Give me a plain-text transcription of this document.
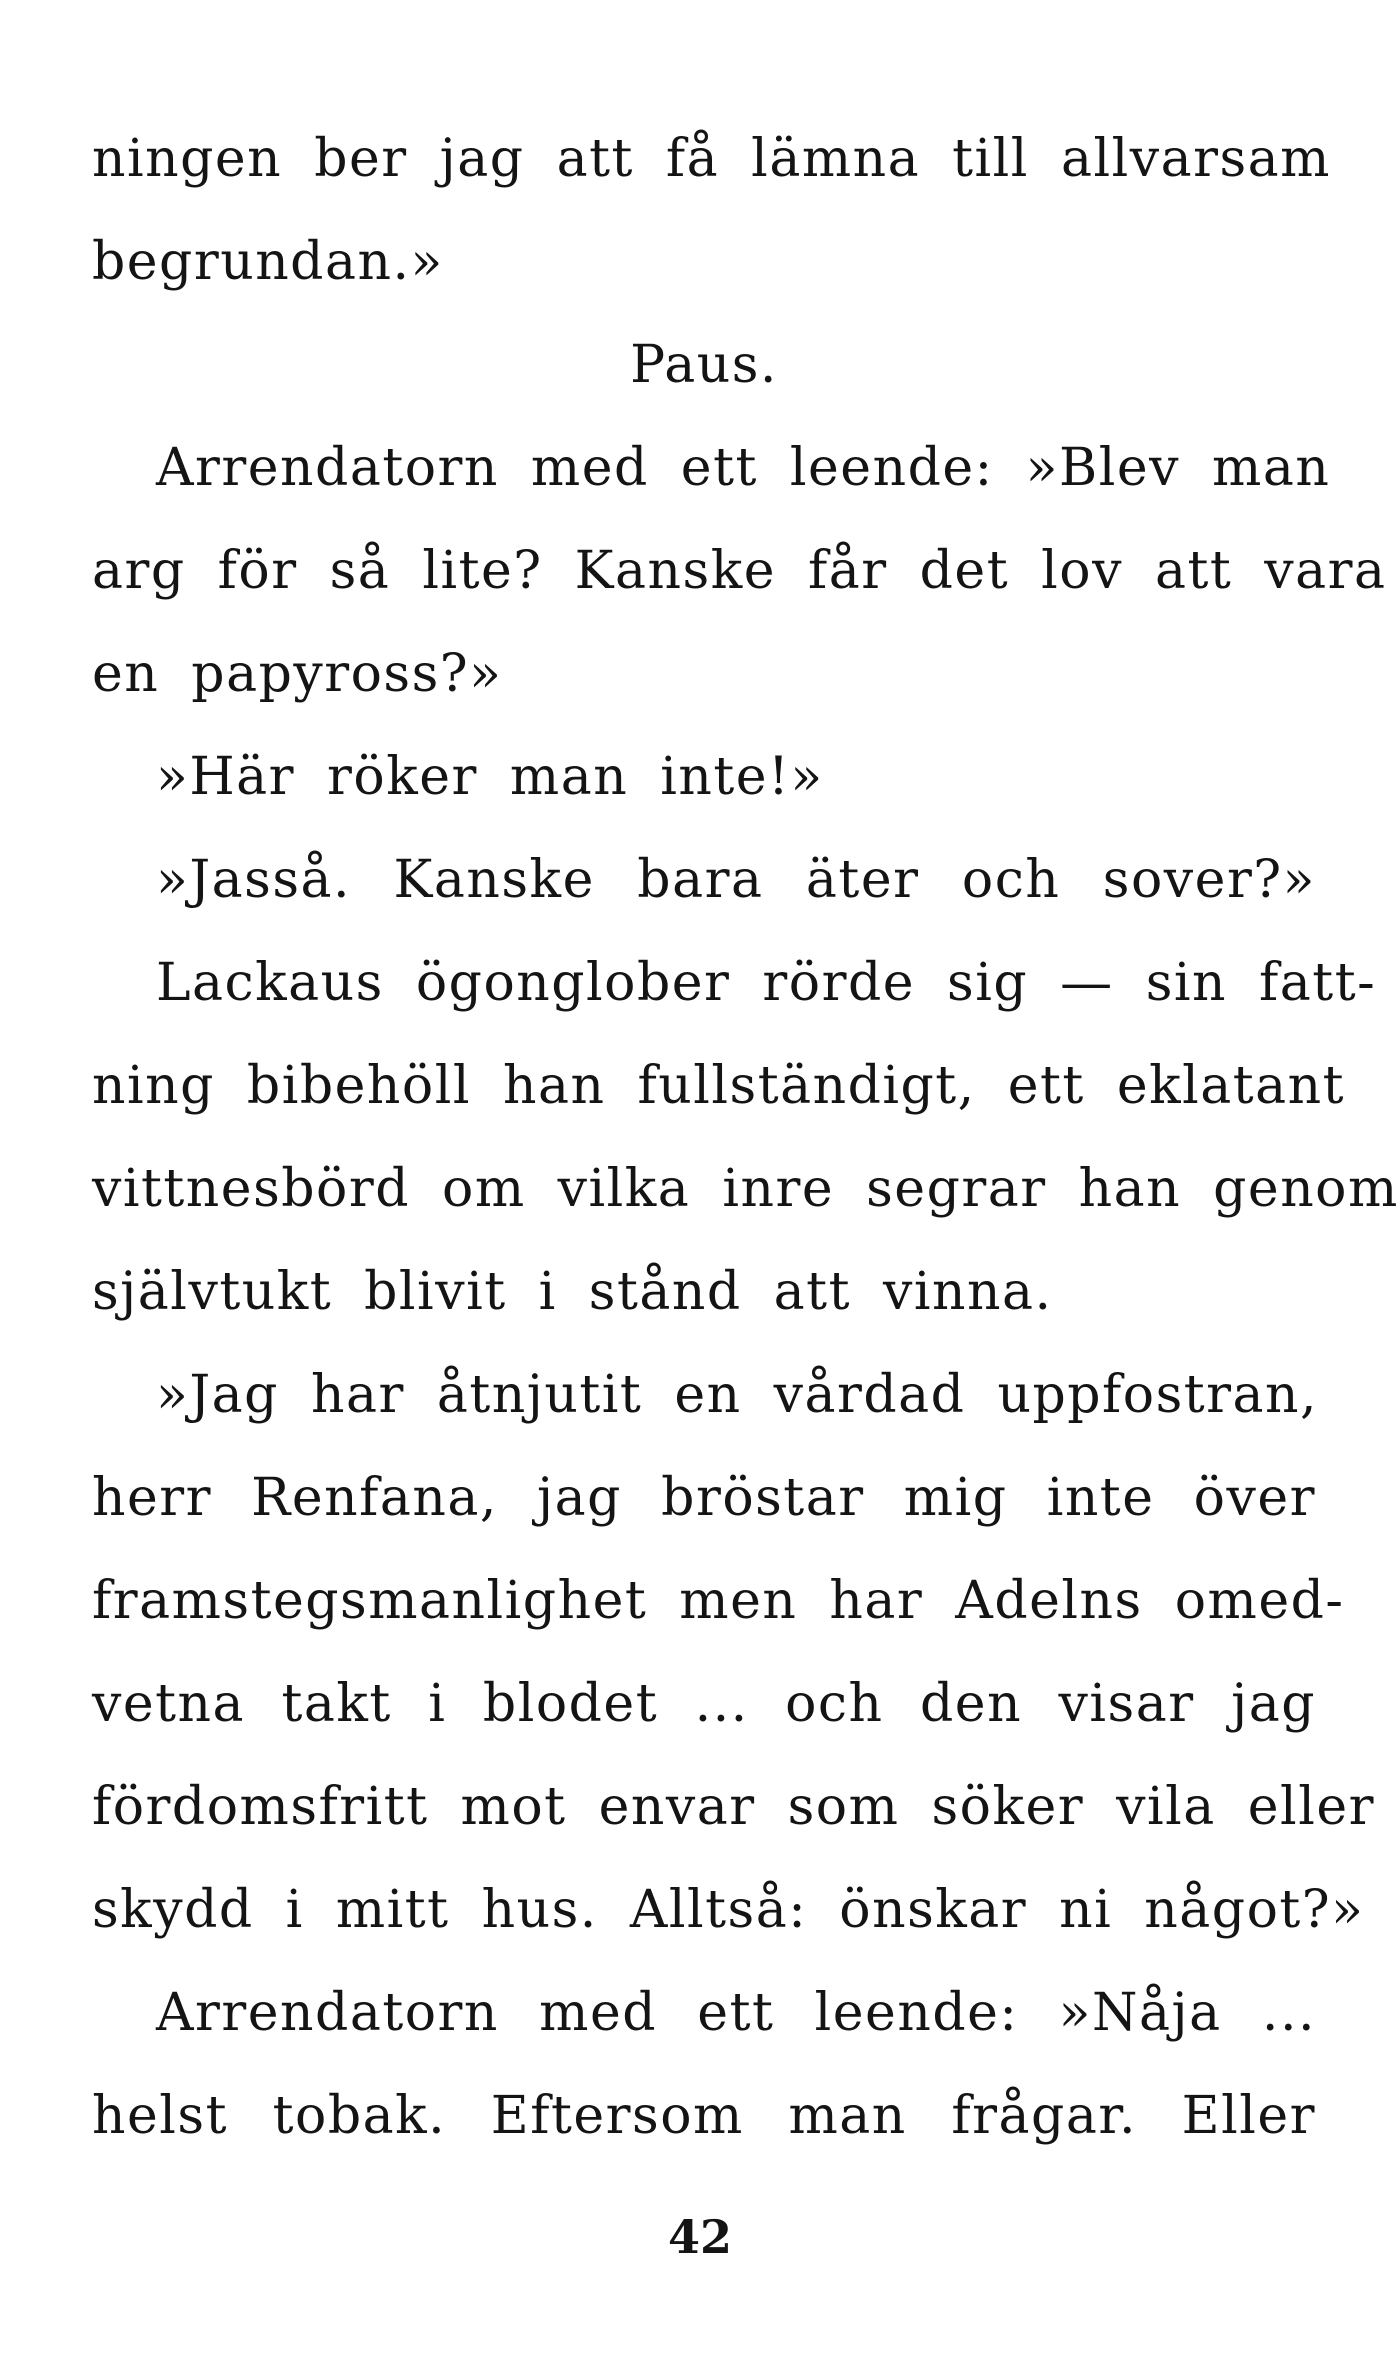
ningen ber jag att få lämna till allvarsam
begrundan.»
Paus.
Arrendatorn med ett leende: »Blev man
arg för så lite? Kanske får det lov att vara
en papyross?»
»Här röker man inte!»
»Jasså. Kanske bara äter och sover?»
Lackaus ögonglober rörde sig — sin fatt-
ning bibehöll han fullständigt, ett eklatant
vittnesbörd om vilka inre segrar han genom
självtukt blivit i stånd att vinna.
»Jag har åtnjutit en vårdad uppfostran,
herr Renfana, jag bröstar mig inte över
framstegsmanlighet men har Adelns omed-
vetna takt i blodet ... och den visar jag
fördomsfritt mot envar som söker vila eller
skydd i mitt hus. Alltså: önskar ni något?»
Arrendatorn med ett leende: »Nåja ...
helst tobak. Eftersom man frågar. Eller
42
